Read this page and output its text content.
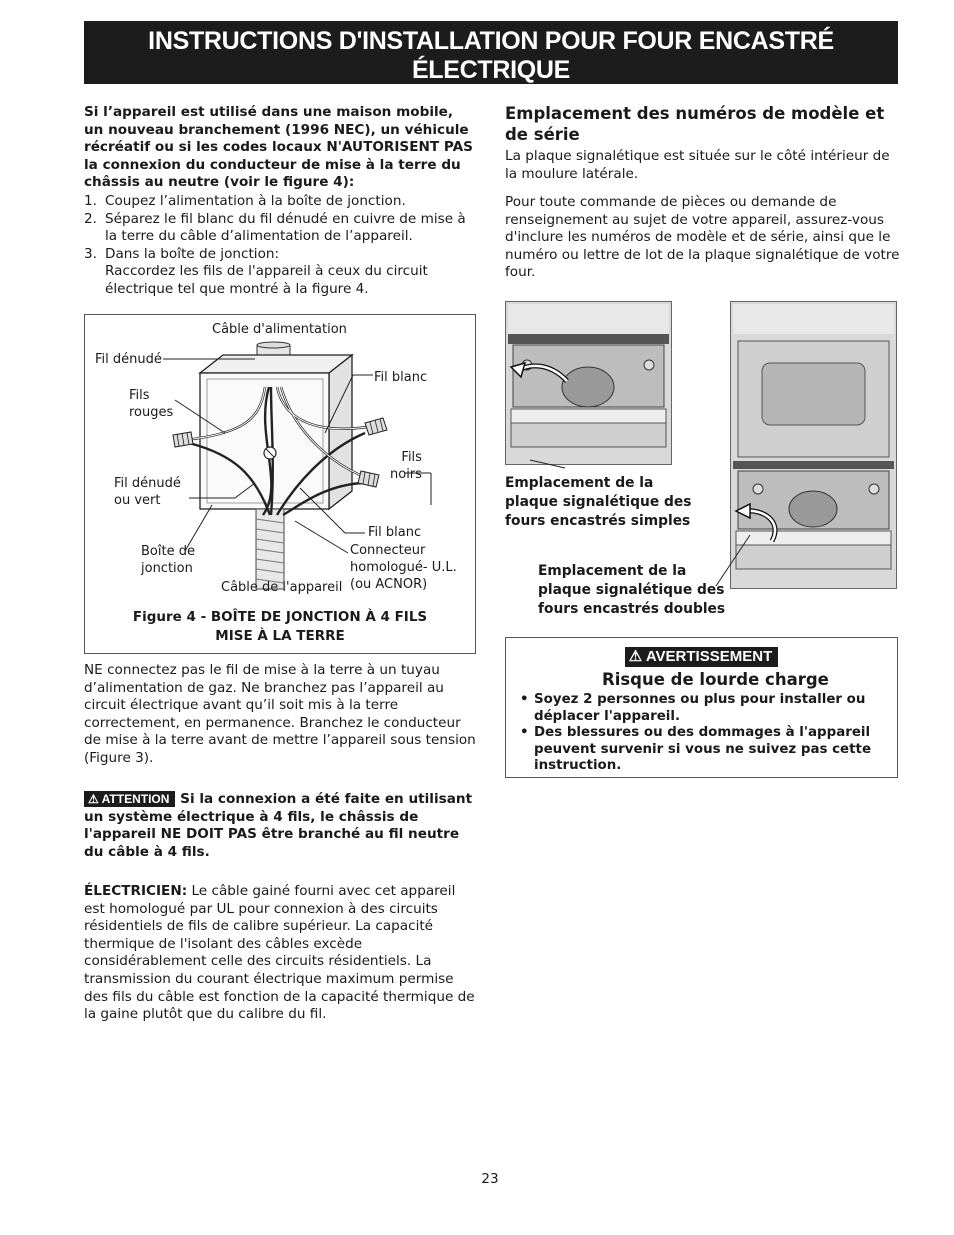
INSTRUCTIONS D'INSTALLATION POUR FOUR ENCASTRÉ ÉLECTRIQUE
(Combiné à une table de cuisson électrique ou à gaz (en option))
Si l’appareil est utilisé dans une maison mobile, un nouveau branchement (1996 NEC), un véhicule récréatif ou si les codes locaux N'AUTORISENT PAS la connexion du conducteur de mise à la terre du châssis au neutre (voir le figure 4):
1. Coupez l’alimentation à la boîte de jonction.
2. Séparez le fil blanc du fil dénudé en cuivre de mise à la terre du câble d’alimentation de l’appareil.
3. Dans la boîte de jonction:
Raccordez les fils de l'appareil à ceux du circuit électrique tel que montré à la figure 4.
Câble d'alimentation
Fil dénudé
Fil blanc
Fils
rouges
Fils
noirs
Fil dénudé
ou vert
Fil blanc
Boîte de
jonction
Connecteur
homologué- U.L.
(ou ACNOR)
Câble de l'appareil
Figure 4 - BOÎTE DE JONCTION À 4 FILS
MISE À LA TERRE
NE connectez pas le fil de mise à la terre à un tuyau d’alimentation de gaz. Ne branchez pas l’appareil au circuit électrique avant qu’il soit mis à la terre correctement, en permanence. Branchez le conducteur de mise à la terre avant de mettre l’appareil sous tension (Figure 3).
⚠ ATTENTION Si la connexion a été faite en utilisant un système électrique à 4 fils, le châssis de l'appareil NE DOIT PAS être branché au fil neutre du câble à 4 fils.
ÉLECTRICIEN: Le câble gainé fourni avec cet appareil est homologué par UL pour connexion à des circuits résidentiels de fils de calibre supérieur. La capacité thermique de l'isolant des câbles excède considérablement celle des circuits résidentiels. La transmission du courant électrique maximum permise des fils du câble est fonction de la capacité thermique de la gaine plutôt que du calibre du fil.
Emplacement des numéros de modèle et de série
La plaque signalétique est située sur le côté intérieur de la moulure latérale.
Pour toute commande de pièces ou demande de renseignement au sujet de votre appareil, assurez-vous d'inclure les numéros de modèle et de série, ainsi que le numéro ou lettre de lot de la plaque signalétique de votre four.
Emplacement de la
plaque signalétique des
fours encastrés simples
Emplacement de la
plaque signalétique des
fours encastrés doubles
⚠ AVERTISSEMENT
Risque de lourde charge
• Soyez 2 personnes ou plus pour installer ou déplacer l'appareil.
• Des blessures ou des dommages à l'appareil peuvent survenir si vous ne suivez pas cette instruction.
23
